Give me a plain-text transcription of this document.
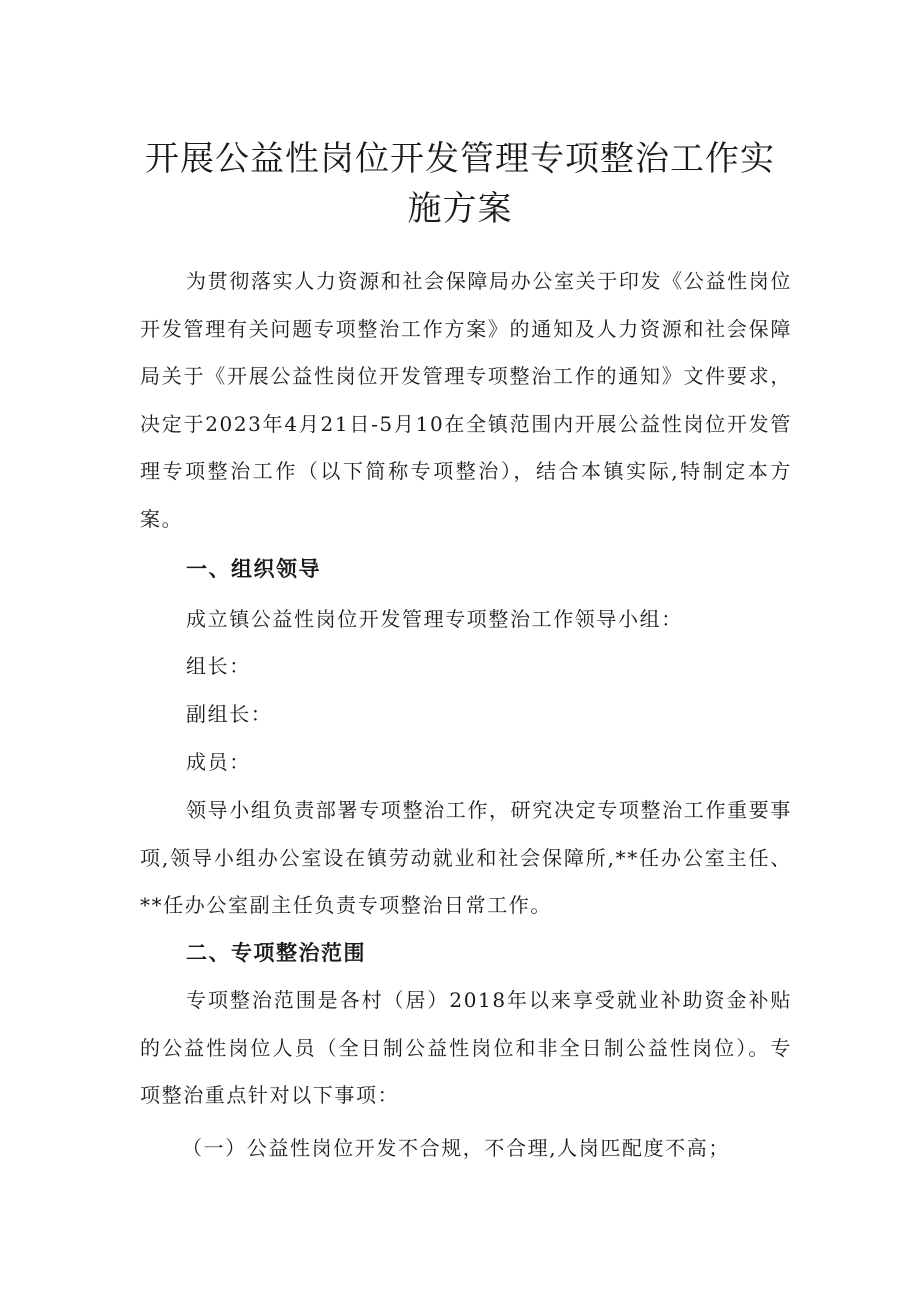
开展公益性岗位开发管理专项整治工作实
施方案

为贯彻落实人力资源和社会保障局办公室关于印发《公益性岗位开发管理有关问题专项整治工作方案》的通知及人力资源和社会保障局关于《开展公益性岗位开发管理专项整治工作的通知》文件要求，决定于2023年4月21日-5月10在全镇范围内开展公益性岗位开发管理专项整治工作（以下简称专项整治），结合本镇实际,特制定本方案。

一、组织领导

成立镇公益性岗位开发管理专项整治工作领导小组：

组长：

副组长：

成员：

领导小组负责部署专项整治工作，研究决定专项整治工作重要事项,领导小组办公室设在镇劳动就业和社会保障所,**任办公室主任、**任办公室副主任负责专项整治日常工作。

二、专项整治范围

专项整治范围是各村（居）2018年以来享受就业补助资金补贴的公益性岗位人员（全日制公益性岗位和非全日制公益性岗位）。专项整治重点针对以下事项：

（一）公益性岗位开发不合规，不合理,人岗匹配度不高；
